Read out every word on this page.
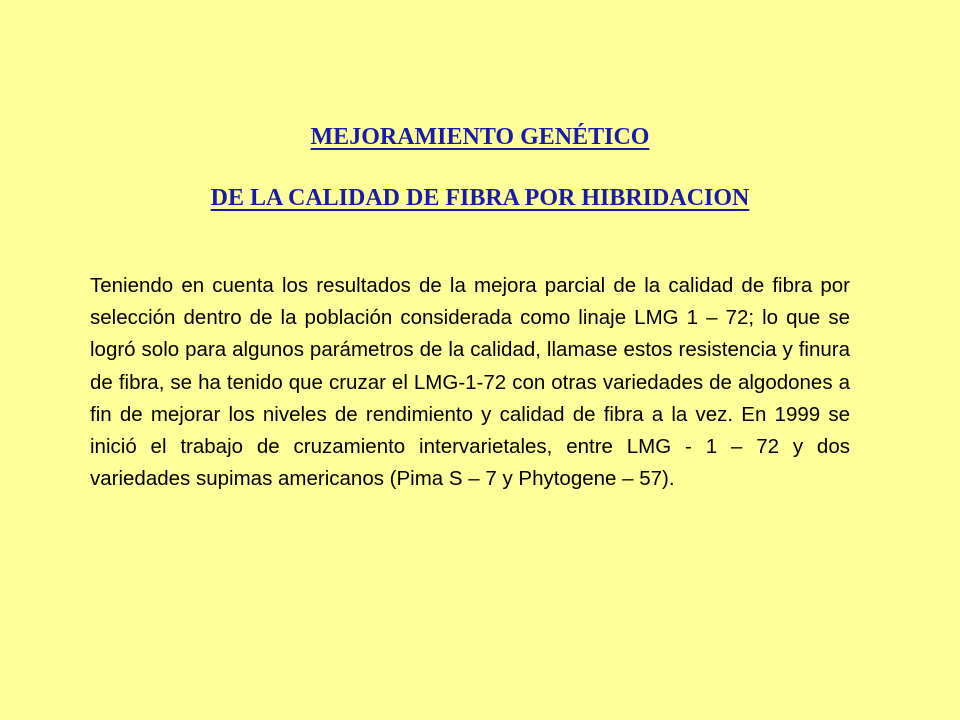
MEJORAMIENTO GENÉTICO
DE LA CALIDAD DE FIBRA POR HIBRIDACION

Teniendo en cuenta los resultados de la mejora parcial de la calidad de fibra por selección dentro de la población considerada como linaje LMG 1 – 72; lo que se logró solo para algunos parámetros de la calidad, llamase estos resistencia y finura de fibra, se ha tenido que cruzar el LMG-1-72 con otras variedades de algodones a fin de mejorar los niveles de rendimiento y calidad de fibra a la vez. En 1999 se inició el trabajo de cruzamiento intervarietales, entre LMG - 1 – 72 y dos variedades supimas americanos (Pima S – 7 y Phytogene – 57).
